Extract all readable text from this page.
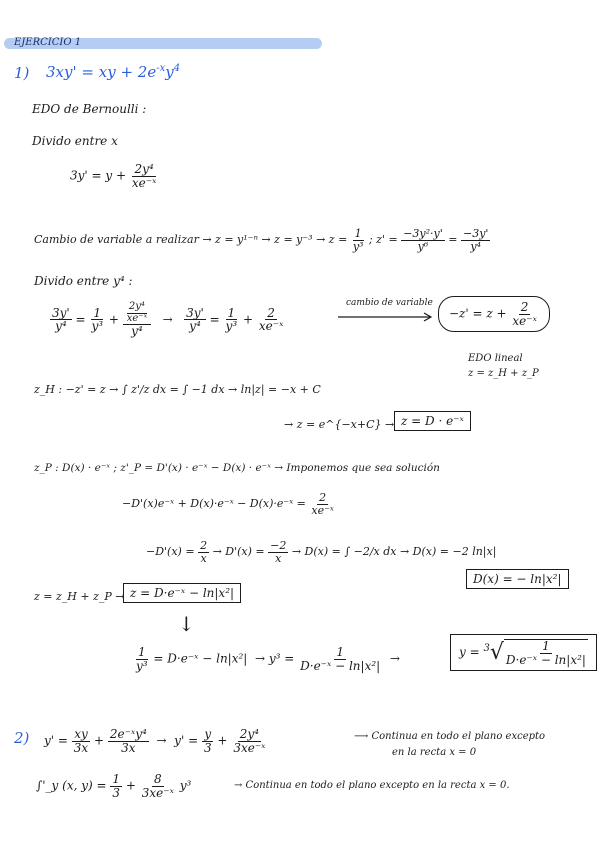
EJERCICIO 1
1) 3xy' = xy + $2e^{-x}y^4$
EDO de Bernoulli :
Divido entre x
$3y' = y + \frac{\text{2y⁴}}{\text{xe⁻ˣ}}$
Cambio de variable a realizar → $z = y^{1-n} \to z = y^{-3} \to z = \frac{1}{\text{y³}}$ ; $z' = \frac{\text{−3y²·y'}}{\text{y⁶}} = \frac{-3y'}{\text{y⁴}}$
Divido entre y⁴ :
$\frac{3y'}{\text{y⁴}} = \frac{1}{\text{y³}} + \frac{\frac{\text{2y⁴}}{\text{xe⁻ˣ}}}{\text{y⁴}} \to \frac{3y'}{\text{y⁴}} = \frac{1}{\text{y³}} + \frac{2}{\text{xe⁻ˣ}}$
cambio de variable
$-z' = z + \frac{2}{\text{xe⁻ˣ}}$
EDO lineal
z = z_H + z_P
z_H : −z' = z → ∫ z'/z dx = ∫ −1 dx → ln|z| = −x + C
→ z = e^{−x+C} → z = D · e⁻ˣ
z_P : D(x) · e⁻ˣ ; z'_P = D'(x) · e⁻ˣ − D(x) · e⁻ˣ → Imponemos que sea solución
−D'(x)e⁻ˣ + D(x)·e⁻ˣ − D(x)·e⁻ˣ = $\frac{2}{\text{xe⁻ˣ}}$
$-D'(x) = \frac{2}{x} \to D'(x) = \frac{-2}{x} \to D(x)$ = ∫ −2/x dx → D(x) = −2 ln|x|
D(x) = − ln|x²|
z = z_H + z_P → z = D·e⁻ˣ − ln|x²|
↓
$\frac{1}{\text{y³}}$ = D·e⁻ˣ − $\ln|x^2| \to y^3 = \frac{1}{\text{D·e⁻ˣ − ln|x²|}}$ →	$y = ^3√ \frac{1}{\text{D·e⁻ˣ − ln|x²|}}$
2) $y' = \frac{xy}{3x} + \frac{\text{2e⁻ˣy⁴}}{3x} \to y' = \frac{y}{3} + \frac{\text{2y⁴}}{\text{3xe⁻ˣ}}$	⟶ Continua en todo el plano excepto
en la recta x = 0
∫'_y (x, $y) = \frac{1}{3} + \frac{8}{\text{3xe⁻ˣ}} y^3$	→ Continua en todo el plano excepto en la recta x = 0.
